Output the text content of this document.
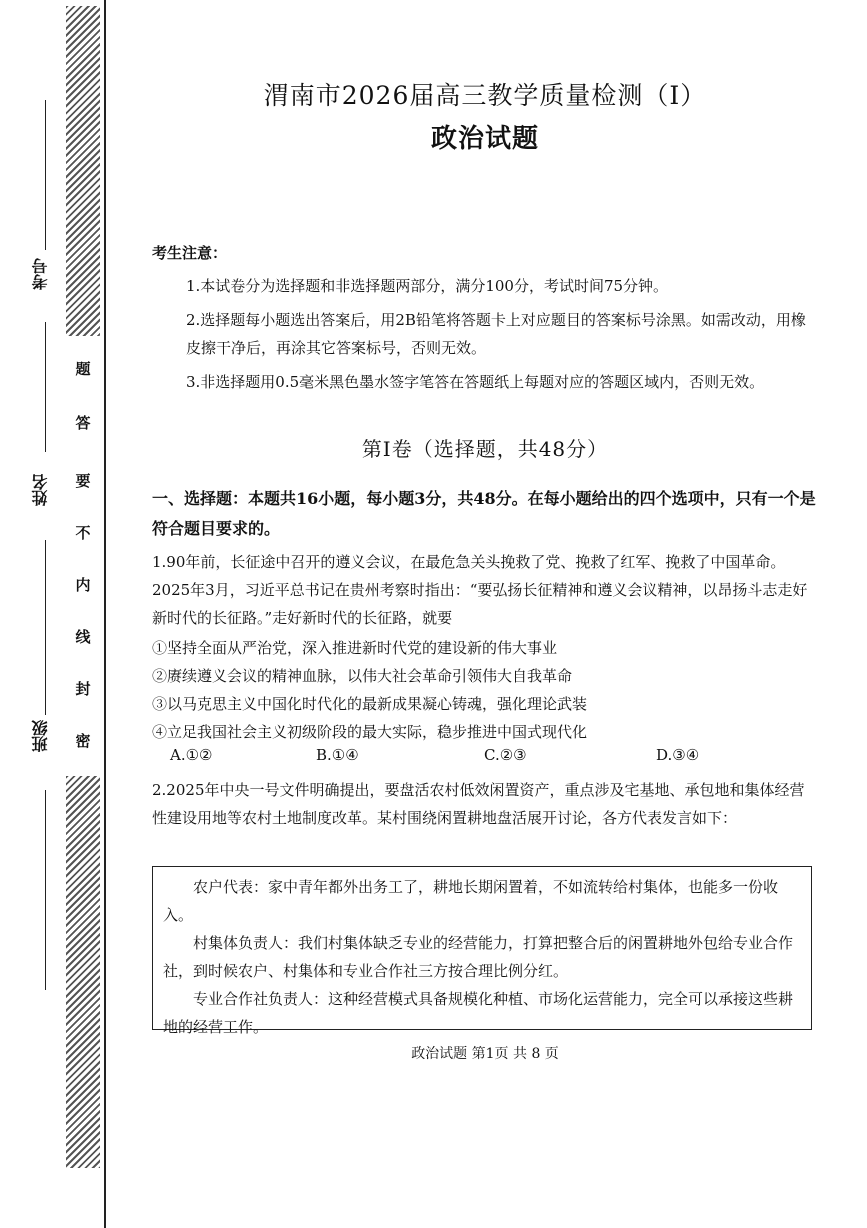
密
封
线
内
不
要
答
题
考号
姓名
班级
渭南市2026届高三教学质量检测（Ⅰ）
政治试题
考生注意：
1.本试卷分为选择题和非选择题两部分，满分100分，考试时间75分钟。
2.选择题每小题选出答案后，用2B铅笔将答题卡上对应题目的答案标号涂黑。如需改动，用橡皮擦干净后，再涂其它答案标号，否则无效。
3.非选择题用0.5毫米黑色墨水签字笔答在答题纸上每题对应的答题区域内，否则无效。
第Ⅰ卷（选择题，共48分）
一、选择题：本题共16小题，每小题3分，共48分。在每小题给出的四个选项中，只有一个是符合题目要求的。
1.90年前，长征途中召开的遵义会议，在最危急关头挽救了党、挽救了红军、挽救了中国革命。2025年3月，习近平总书记在贵州考察时指出：“要弘扬长征精神和遵义会议精神，以昂扬斗志走好新时代的长征路。”走好新时代的长征路，就要
①坚持全面从严治党，深入推进新时代党的建设新的伟大事业
②赓续遵义会议的精神血脉，以伟大社会革命引领伟大自我革命
③以马克思主义中国化时代化的最新成果凝心铸魂，强化理论武装
④立足我国社会主义初级阶段的最大实际，稳步推进中国式现代化
A.①②	B.①④	C.②③	D.③④
2.2025年中央一号文件明确提出，要盘活农村低效闲置资产，重点涉及宅基地、承包地和集体经营性建设用地等农村土地制度改革。某村围绕闲置耕地盘活展开讨论，各方代表发言如下：

农户代表：家中青年都外出务工了，耕地长期闲置着，不如流转给村集体，也能多一份收入。

村集体负责人：我们村集体缺乏专业的经营能力，打算把整合后的闲置耕地外包给专业合作社，到时候农户、村集体和专业合作社三方按合理比例分红。

专业合作社负责人：这种经营模式具备规模化种植、市场化运营能力，完全可以承接这些耕地的经营工作。

政治试题 第1页 共 8 页
